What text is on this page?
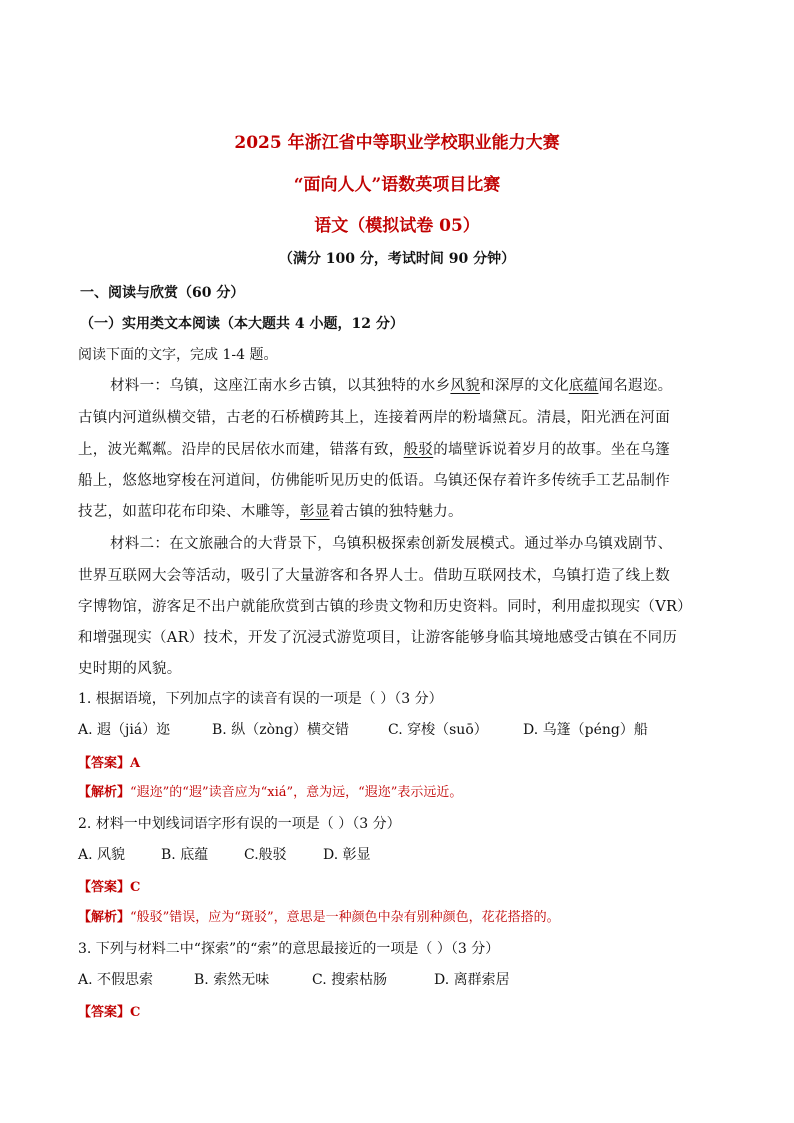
2025 年浙江省中等职业学校职业能力大赛
“面向人人”语数英项目比赛
语文（模拟试卷 05）
（满分 100 分，考试时间 90 分钟）
一、阅读与欣赏（60 分）
（一）实用类文本阅读（本大题共 4 小题，12 分）
阅读下面的文字，完成 1-4 题。
材料一：乌镇，这座江南水乡古镇，以其独特的水乡风貌和深厚的文化底蕴闻名遐迩。
古镇内河道纵横交错，古老的石桥横跨其上，连接着两岸的粉墙黛瓦。清晨，阳光洒在河面
上，波光粼粼。沿岸的民居依水而建，错落有致，般驳的墙壁诉说着岁月的故事。坐在乌篷
船上，悠悠地穿梭在河道间，仿佛能听见历史的低语。乌镇还保存着许多传统手工艺品制作
技艺，如蓝印花布印染、木雕等，彰显着古镇的独特魅力。
材料二：在文旅融合的大背景下，乌镇积极探索创新发展模式。通过举办乌镇戏剧节、
世界互联网大会等活动，吸引了大量游客和各界人士。借助互联网技术，乌镇打造了线上数
字博物馆，游客足不出户就能欣赏到古镇的珍贵文物和历史资料。同时，利用虚拟现实（VR）
和增强现实（AR）技术，开发了沉浸式游览项目，让游客能够身临其境地感受古镇在不同历
史时期的风貌。
1. 根据语境，下列加点字的读音有误的一项是（ ）（3 分）
A. 遐（jiá）迩	B. 纵（zòng）横交错	C. 穿梭（suō）	D. 乌篷（péng）船
【答案】A
【解析】“遐迩”的“遐”读音应为“xiá”，意为远，“遐迩”表示远近。
2. 材料一中划线词语字形有误的一项是（ ）（3 分）
A. 风貌	B. 底蕴	C.般驳	D. 彰显
【答案】C
【解析】“般驳”错误，应为“斑驳”，意思是一种颜色中杂有别种颜色，花花搭搭的。
3. 下列与材料二中“探索”的“索”的意思最接近的一项是（ ）（3 分）
A. 不假思索	B. 索然无味	C. 搜索枯肠	D. 离群索居
【答案】C
